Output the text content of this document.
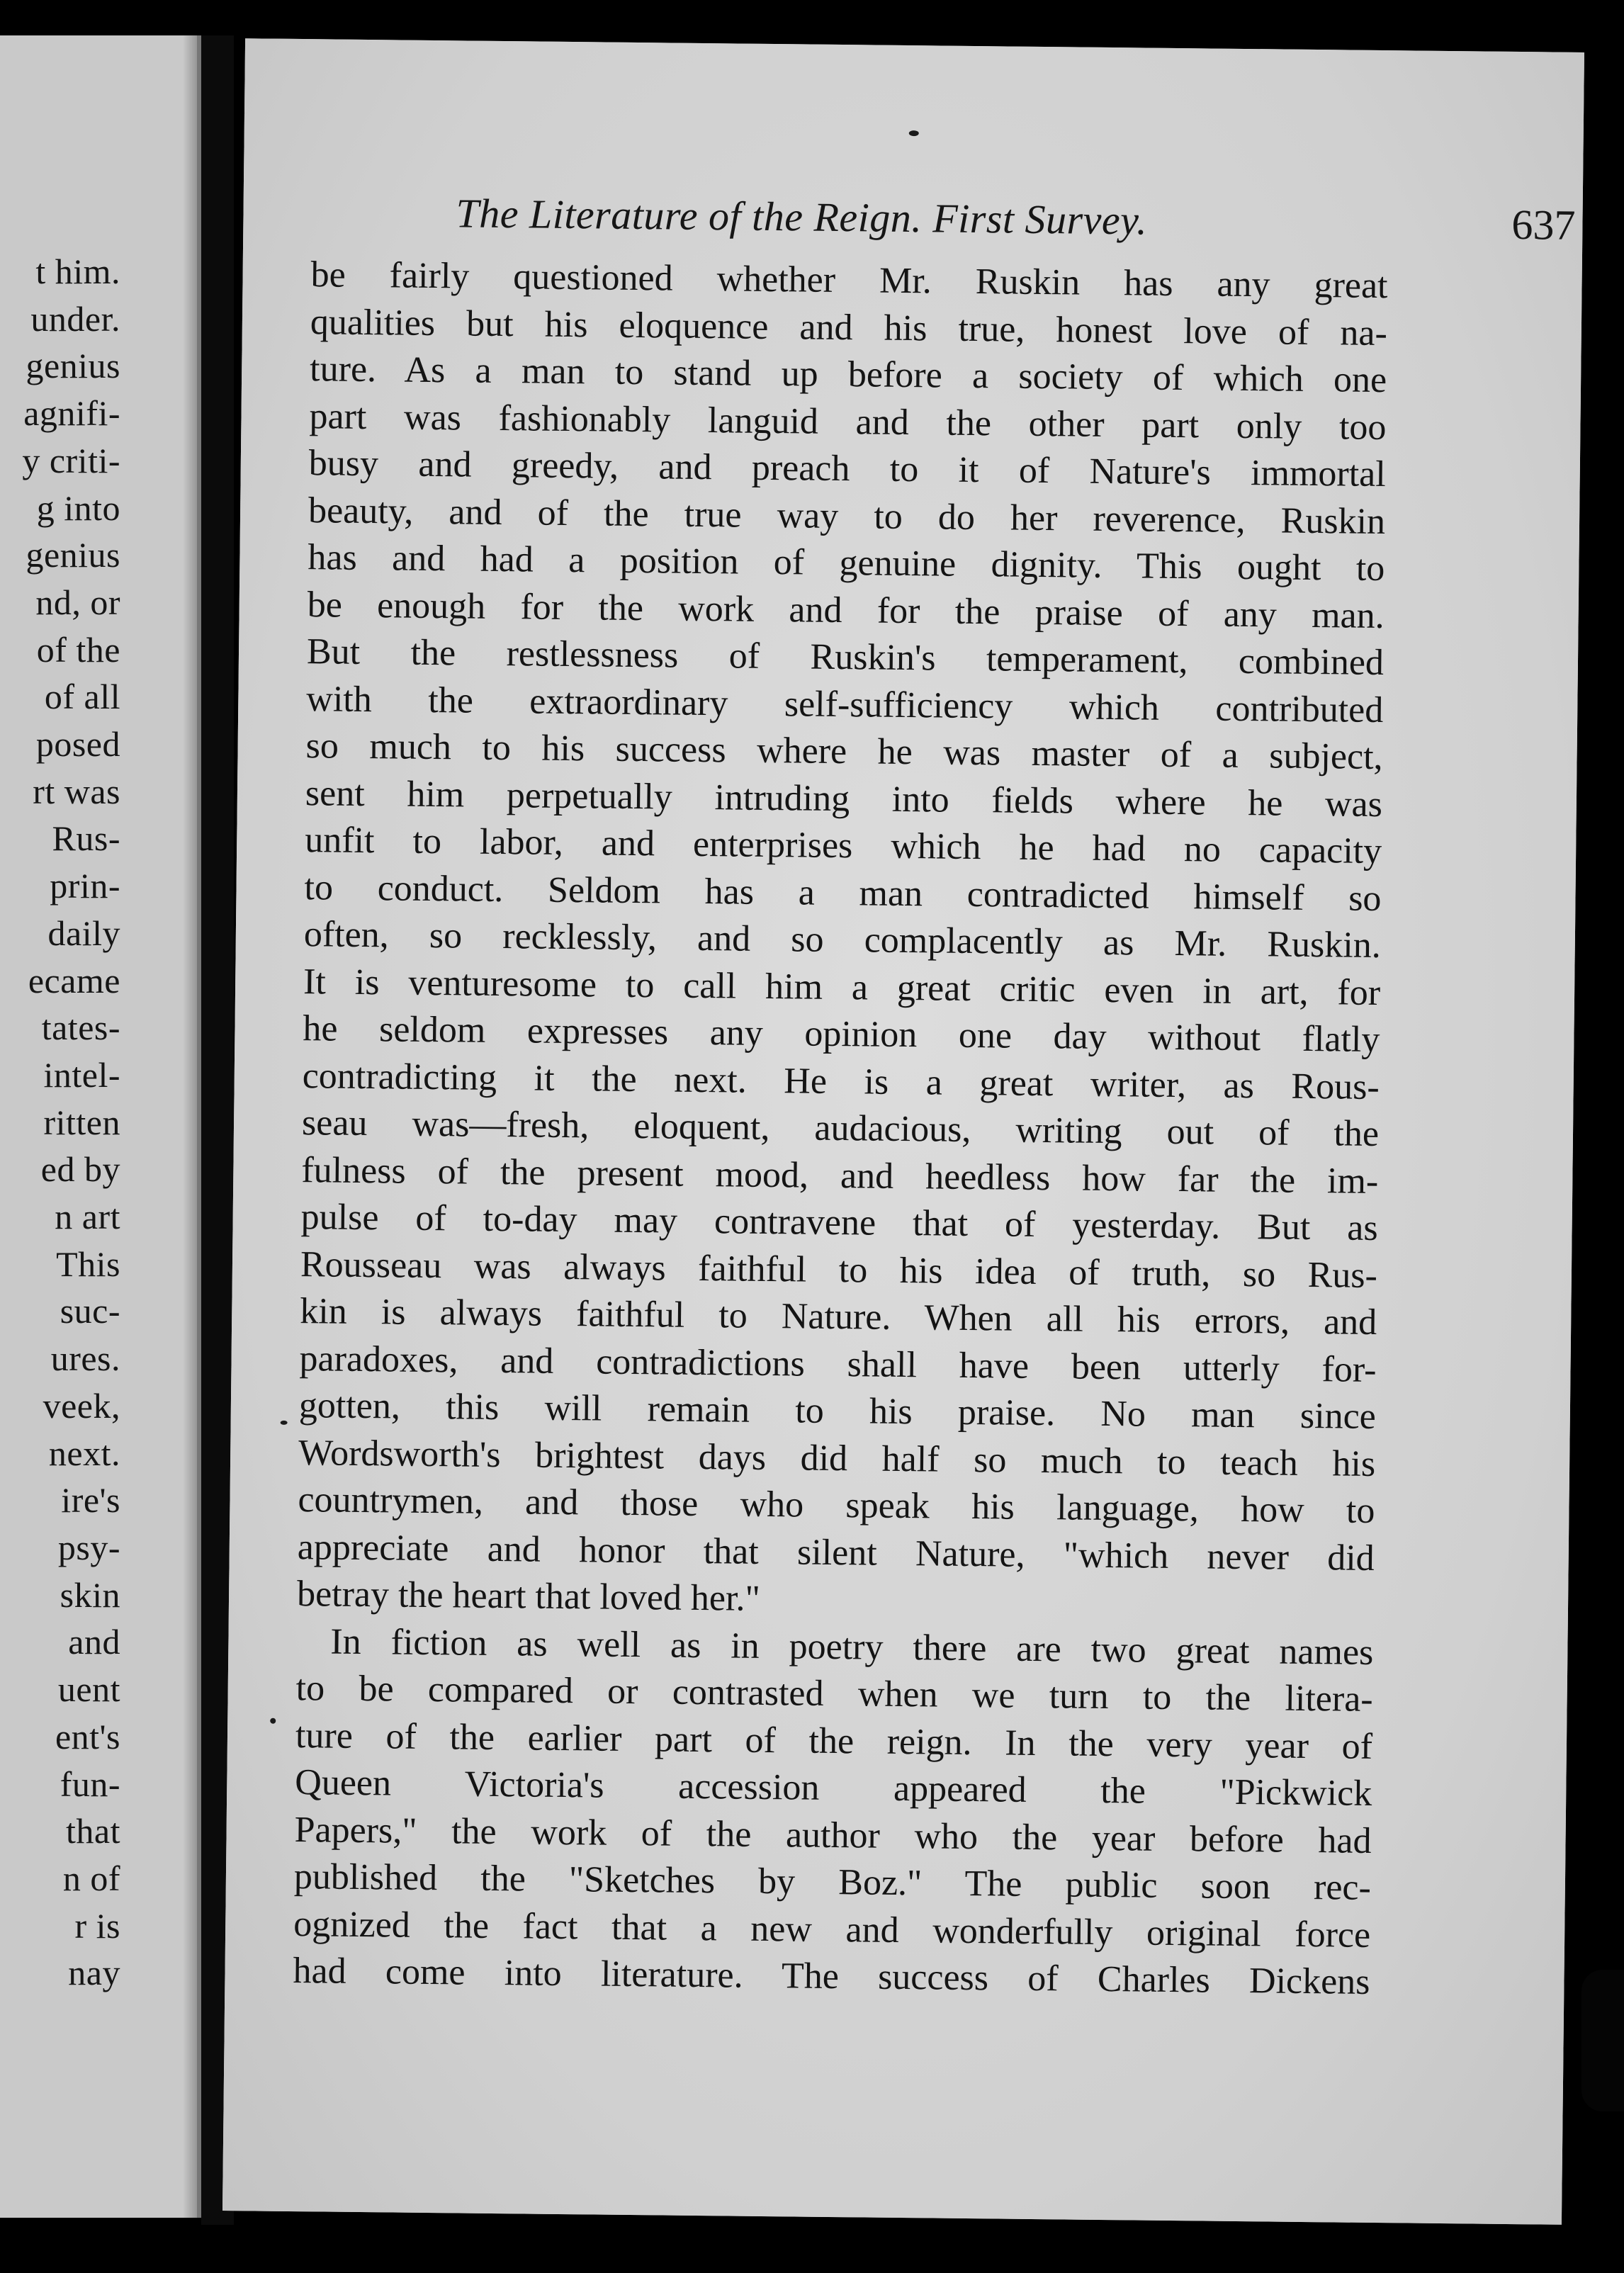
t him.
under.
genius
agnifi-
y criti-
g into
genius
nd, or
of the
of all
posed
rt was
Rus-
prin-
daily
ecame
tates-
intel-
ritten
ed by
n art
This
suc-
ures.
veek,
next.
ire's
psy-
skin
and
uent
ent's
fun-
that
n of
r is
nay
The Literature of the Reign. First Survey.	637
be fairly questioned whether Mr. Ruskin has any great
qualities but his eloquence and his true, honest love of na-
ture. As a man to stand up before a society of which one
part was fashionably languid and the other part only too
busy and greedy, and preach to it of Nature's immortal
beauty, and of the true way to do her reverence, Ruskin
has and had a position of genuine dignity. This ought to
be enough for the work and for the praise of any man.
But the restlessness of Ruskin's temperament, combined
with the extraordinary self-sufficiency which contributed
so much to his success where he was master of a subject,
sent him perpetually intruding into fields where he was
unfit to labor, and enterprises which he had no capacity
to conduct. Seldom has a man contradicted himself so
often, so recklessly, and so complacently as Mr. Ruskin.
It is venturesome to call him a great critic even in art, for
he seldom expresses any opinion one day without flatly
contradicting it the next. He is a great writer, as Rous-
seau was—fresh, eloquent, audacious, writing out of the
fulness of the present mood, and heedless how far the im-
pulse of to-day may contravene that of yesterday. But as
Rousseau was always faithful to his idea of truth, so Rus-
kin is always faithful to Nature. When all his errors, and
paradoxes, and contradictions shall have been utterly for-
gotten, this will remain to his praise. No man since
Wordsworth's brightest days did half so much to teach his
countrymen, and those who speak his language, how to
appreciate and honor that silent Nature, "which never did
betray the heart that loved her."
In fiction as well as in poetry there are two great names
to be compared or contrasted when we turn to the litera-
ture of the earlier part of the reign. In the very year of
Queen Victoria's accession appeared the "Pickwick
Papers," the work of the author who the year before had
published the "Sketches by Boz." The public soon rec-
ognized the fact that a new and wonderfully original force
had come into literature. The success of Charles Dickens
